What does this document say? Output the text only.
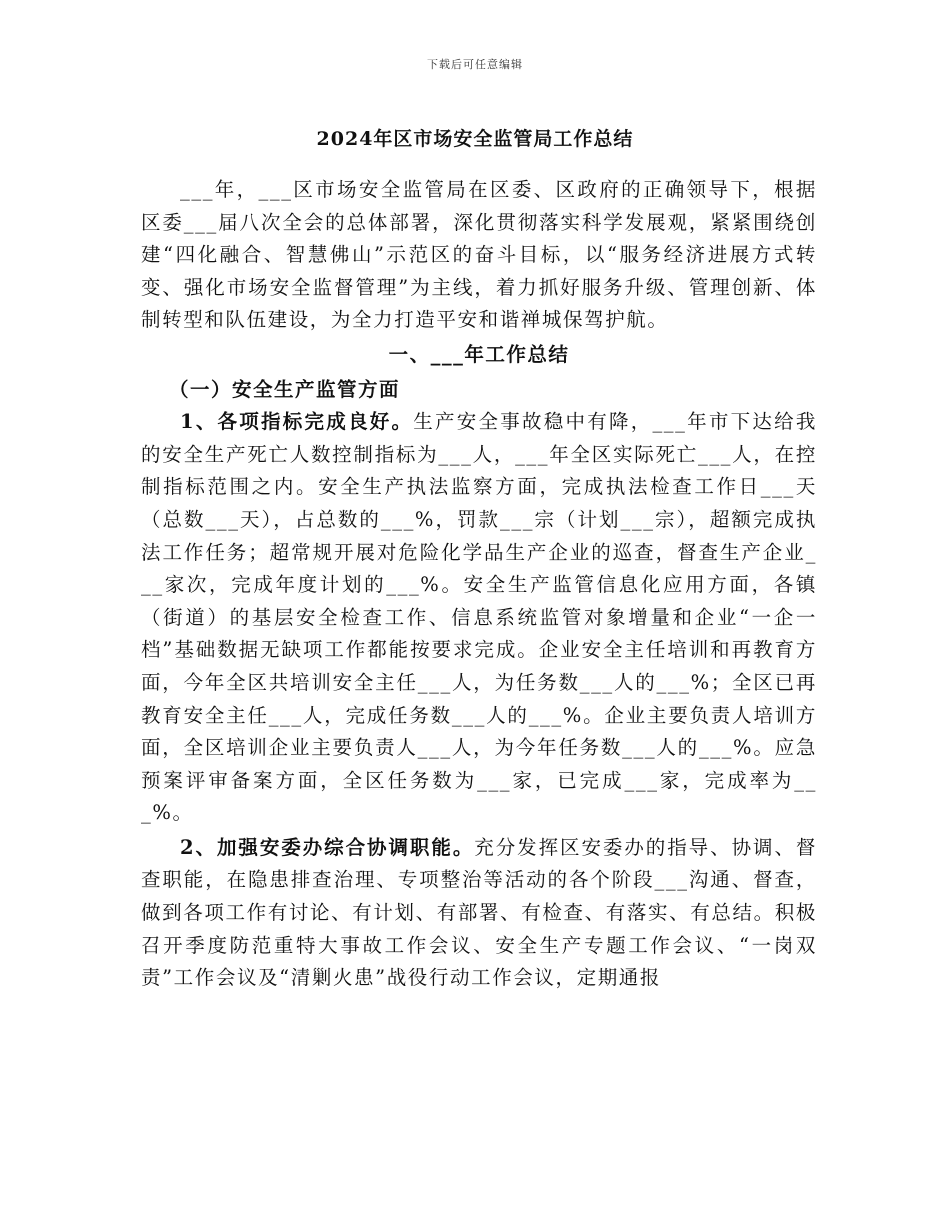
下载后可任意编辑
2024年区市场安全监管局工作总结

___年，___区市场安全监管局在区委、区政府的正确领导下，根据区委___届八次全会的总体部署，深化贯彻落实科学发展观，紧紧围绕创建“四化融合、智慧佛山”示范区的奋斗目标，以“服务经济进展方式转变、强化市场安全监督管理”为主线，着力抓好服务升级、管理创新、体制转型和队伍建设，为全力打造平安和谐禅城保驾护航。

一、___年工作总结
（一）安全生产监管方面

1、各项指标完成良好。生产安全事故稳中有降，___年市下达给我的安全生产死亡人数控制指标为___人，___年全区实际死亡___人，在控制指标范围之内。安全生产执法监察方面，完成执法检查工作日___天（总数___天），占总数的___%，罚款___宗（计划___宗），超额完成执法工作任务；超常规开展对危险化学品生产企业的巡查，督查生产企业___家次，完成年度计划的___%。安全生产监管信息化应用方面，各镇（街道）的基层安全检查工作、信息系统监管对象增量和企业“一企一档”基础数据无缺项工作都能按要求完成。企业安全主任培训和再教育方面，今年全区共培训安全主任___人，为任务数___人的___%；全区已再教育安全主任___人，完成任务数___人的___%。企业主要负责人培训方面，全区培训企业主要负责人___人，为今年任务数___人的___%。应急预案评审备案方面，全区任务数为___家，已完成___家，完成率为___%。

2、加强安委办综合协调职能。充分发挥区安委办的指导、协调、督查职能，在隐患排查治理、专项整治等活动的各个阶段___沟通、督查，做到各项工作有讨论、有计划、有部署、有检查、有落实、有总结。积极召开季度防范重特大事故工作会议、安全生产专题工作会议、“一岗双责”工作会议及“清剿火患”战役行动工作会议，定期通报
